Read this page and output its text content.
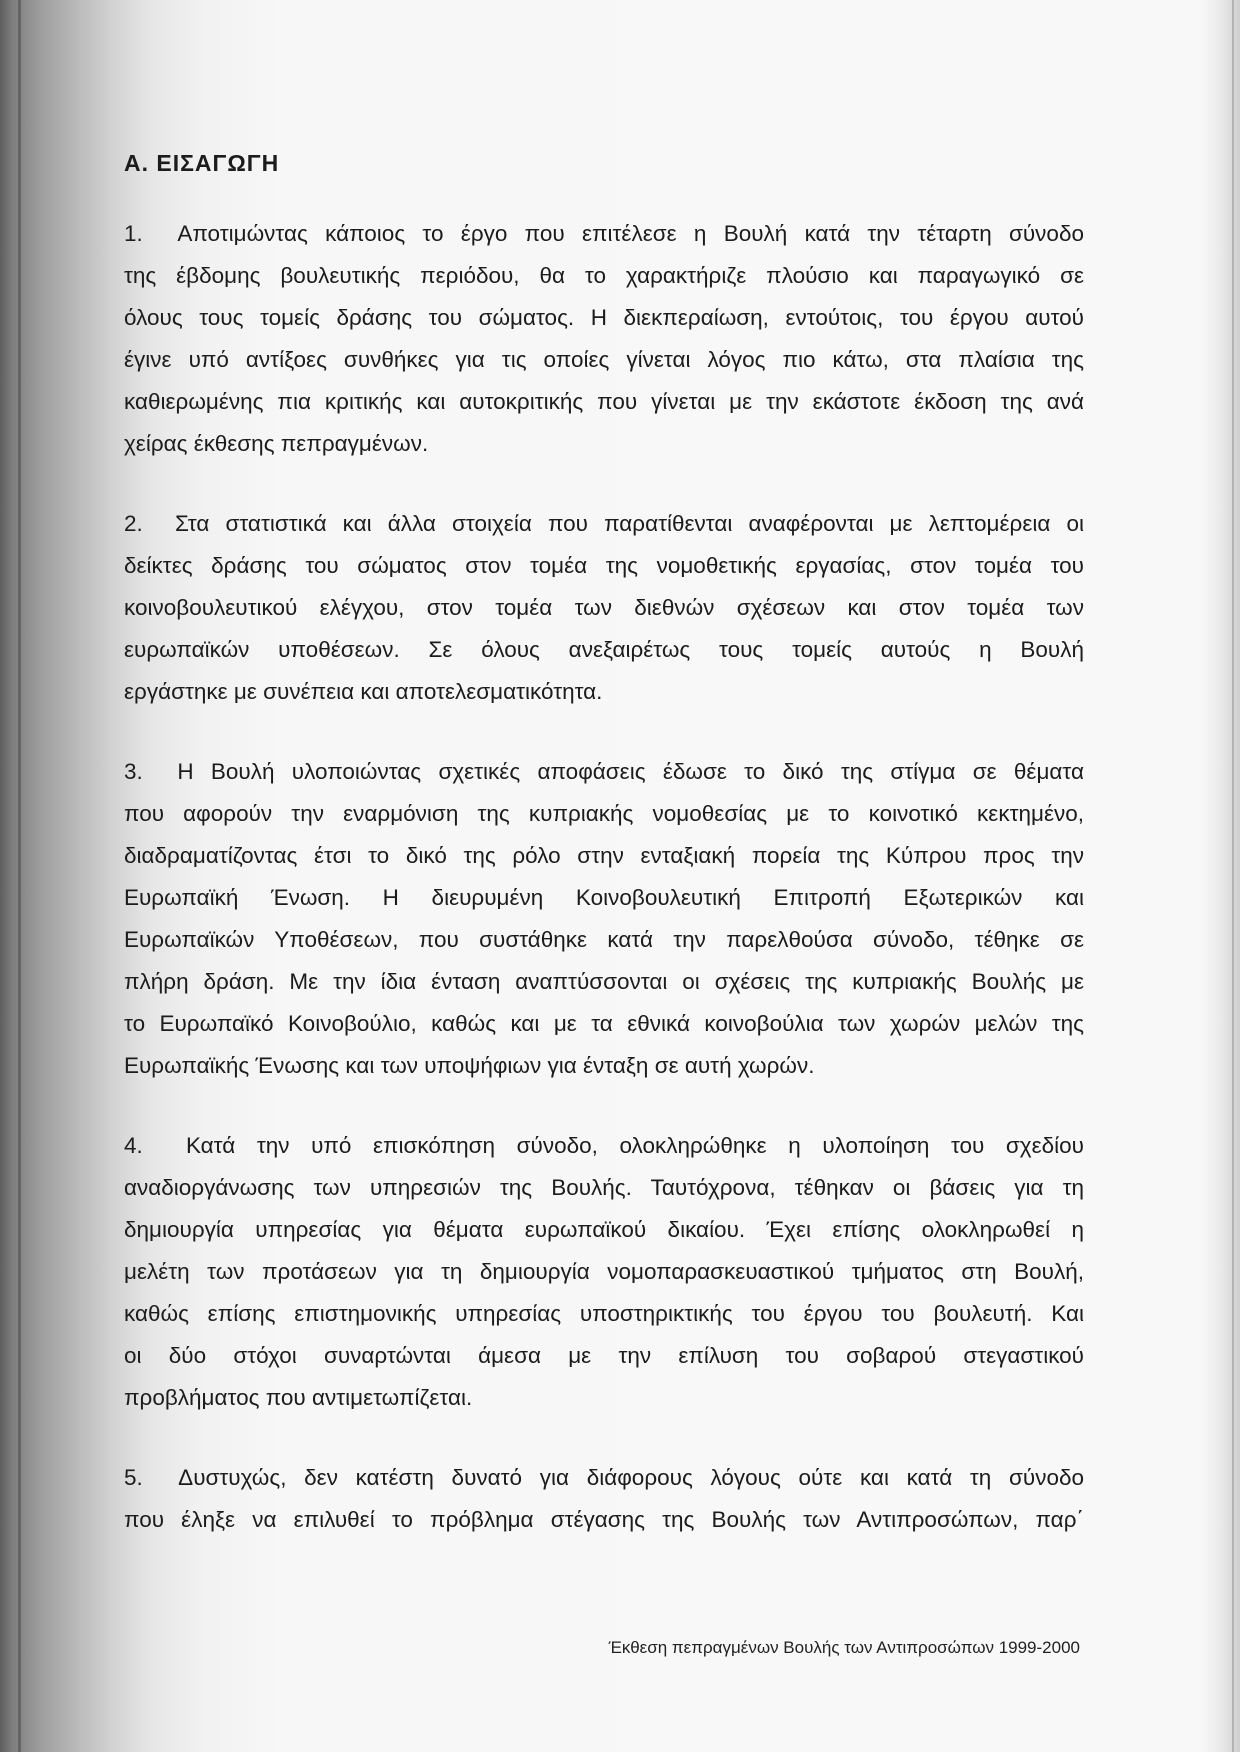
Α. ΕΙΣΑΓΩΓΗ
1. Αποτιμώντας κάποιος το έργο που επιτέλεσε η Βουλή κατά την τέταρτη σύνοδο
της έβδομης βουλευτικής περιόδου, θα το χαρακτήριζε πλούσιο και παραγωγικό σε
όλους τους τομείς δράσης του σώματος. Η διεκπεραίωση, εντούτοις, του έργου αυτού
έγινε υπό αντίξοες συνθήκες για τις οποίες γίνεται λόγος πιο κάτω, στα πλαίσια της
καθιερωμένης πια κριτικής και αυτοκριτικής που γίνεται με την εκάστοτε έκδοση της ανά
χείρας έκθεσης πεπραγμένων.
2. Στα στατιστικά και άλλα στοιχεία που παρατίθενται αναφέρονται με λεπτομέρεια οι
δείκτες δράσης του σώματος στον τομέα της νομοθετικής εργασίας, στον τομέα του
κοινοβουλευτικού ελέγχου, στον τομέα των διεθνών σχέσεων και στον τομέα των
ευρωπαϊκών υποθέσεων. Σε όλους ανεξαιρέτως τους τομείς αυτούς η Βουλή
εργάστηκε με συνέπεια και αποτελεσματικότητα.
3. Η Βουλή υλοποιώντας σχετικές αποφάσεις έδωσε το δικό της στίγμα σε θέματα
που αφορούν την εναρμόνιση της κυπριακής νομοθεσίας με το κοινοτικό κεκτημένο,
διαδραματίζοντας έτσι το δικό της ρόλο στην ενταξιακή πορεία της Κύπρου προς την
Ευρωπαϊκή Ένωση. Η διευρυμένη Κοινοβουλευτική Επιτροπή Εξωτερικών και
Ευρωπαϊκών Υποθέσεων, που συστάθηκε κατά την παρελθούσα σύνοδο, τέθηκε σε
πλήρη δράση. Με την ίδια ένταση αναπτύσσονται οι σχέσεις της κυπριακής Βουλής με
το Ευρωπαϊκό Κοινοβούλιο, καθώς και με τα εθνικά κοινοβούλια των χωρών μελών της
Ευρωπαϊκής Ένωσης και των υποψήφιων για ένταξη σε αυτή χωρών.
4. Κατά την υπό επισκόπηση σύνοδο, ολοκληρώθηκε η υλοποίηση του σχεδίου
αναδιοργάνωσης των υπηρεσιών της Βουλής. Ταυτόχρονα, τέθηκαν οι βάσεις για τη
δημιουργία υπηρεσίας για θέματα ευρωπαϊκού δικαίου. Έχει επίσης ολοκληρωθεί η
μελέτη των προτάσεων για τη δημιουργία νομοπαρασκευαστικού τμήματος στη Βουλή,
καθώς επίσης επιστημονικής υπηρεσίας υποστηρικτικής του έργου του βουλευτή. Και
οι δύο στόχοι συναρτώνται άμεσα με την επίλυση του σοβαρού στεγαστικού
προβλήματος που αντιμετωπίζεται.
5. Δυστυχώς, δεν κατέστη δυνατό για διάφορους λόγους ούτε και κατά τη σύνοδο
που έληξε να επιλυθεί το πρόβλημα στέγασης της Βουλής των Αντιπροσώπων, παρ΄
Έκθεση πεπραγμένων Βουλής των Αντιπροσώπων 1999-2000
